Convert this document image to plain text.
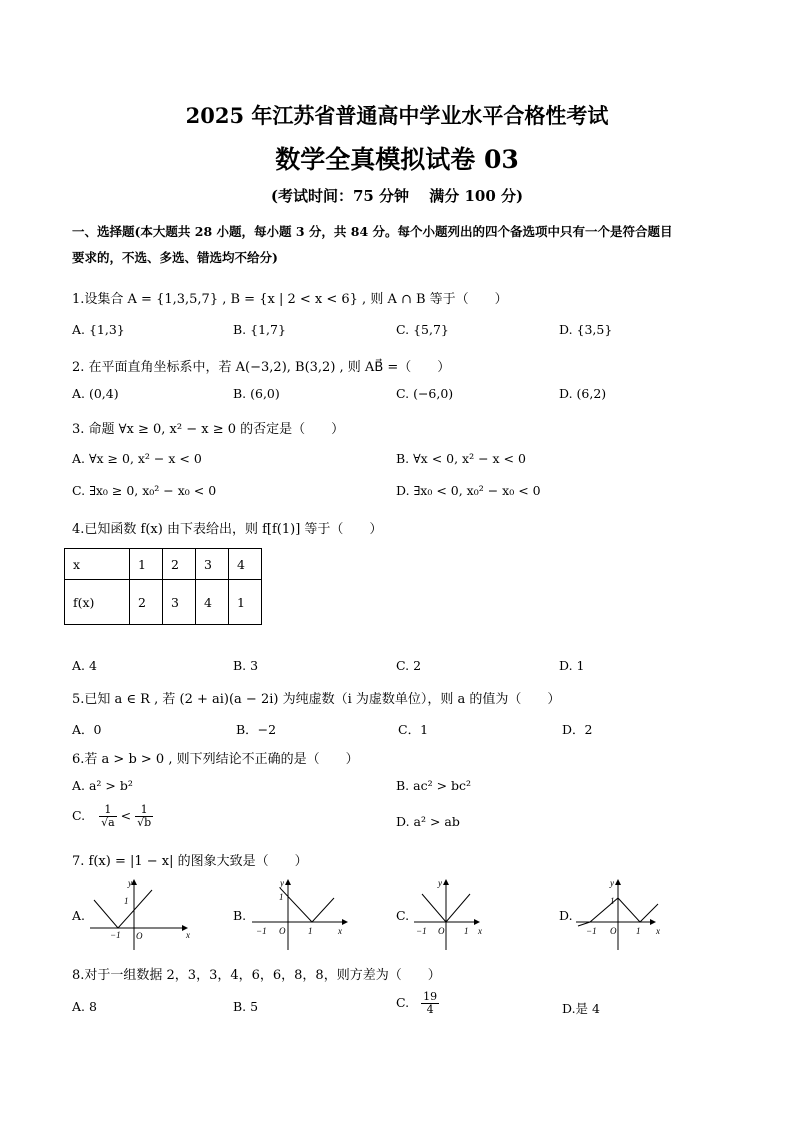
2025 年江苏省普通高中学业水平合格性考试
数学全真模拟试卷 03
(考试时间：75 分钟　 满分 100 分)
一、选择题(本大题共 28 小题，每小题 3 分，共 84 分。每个小题列出的四个备选项中只有一个是符合题目
要求的，不选、多选、错选均不给分)
1.设集合 A = {1,3,5,7} , B = {x | 2 < x < 6} , 则 A ∩ B 等于（　　）
A. {1,3}	B. {1,7}	C. {5,7}	D. {3,5}
2. 在平面直角坐标系中，若 A(−3,2), B(3,2) , 则 AB⃗ =（　　）
A. (0,4)	B. (6,0)	C. (−6,0)	D. (6,2)
3. 命题 ∀x ≥ 0, x² − x ≥ 0 的否定是（　　）
A. ∀x ≥ 0, x² − x < 0	B. ∀x < 0, x² − x < 0
C. ∃x₀ ≥ 0, x₀² − x₀ < 0	D. ∃x₀ < 0, x₀² − x₀ < 0
4.已知函数 f(x) 由下表给出，则 f[f(1)] 等于（　　）
x	1	2	3	4
f(x)	2	3	4	1
A. 4	B. 3	C. 2	D. 1
5.已知 a ∈ R , 若 (2 + ai)(a − 2i) 为纯虚数（i 为虚数单位），则 a 的值为（　　）
A．0	B．−2	C．1	D．2
6.若 a > b > 0 , 则下列结论不正确的是（　　）
A. a² > b²	B. ac² > bc²
C. $\frac{1}{√a} < \frac{1}{√b}$	D. a² > ab
7. f(x) = |1 − x| 的图象大致是（　　）
A.
y
x
O
−1
1
B.
y
x
O
−1	1
1
C.
y
x
O
−1	1
D.
y
x
O
−1	1
1
8.对于一组数据 2，3，3，4，6，6，8，8，则方差为（　　）
A. 8	B. 5	C. $\frac{19}{4}$	D.是 4
